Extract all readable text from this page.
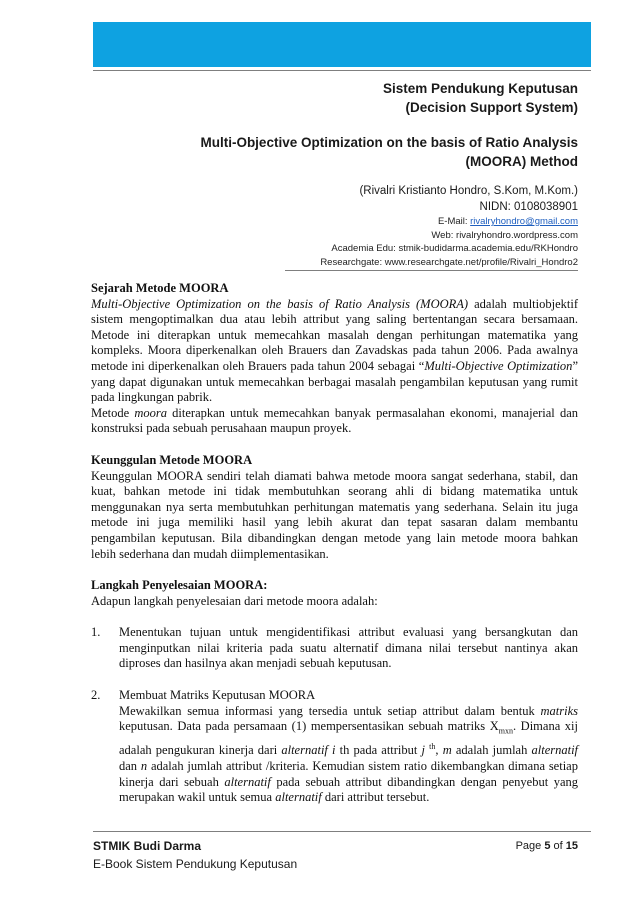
Sistem Pendukung Keputusan
(Decision Support System)
Multi-Objective Optimization on the basis of Ratio Analysis
(MOORA) Method
(Rivalri Kristianto Hondro, S.Kom, M.Kom.)
NIDN: 0108038901
E-Mail: rivalryhondro@gmail.com
Web: rivalryhondro.wordpress.com
Academia Edu: stmik-budidarma.academia.edu/RKHondro
Researchgate: www.researchgate.net/profile/Rivalri_Hondro2

Sejarah Metode MOORA

Multi-Objective Optimization on the basis of Ratio Analysis (MOORA) adalah multiobjektif sistem mengoptimalkan dua atau lebih attribut yang saling bertentangan secara bersamaan. Metode ini diterapkan untuk memecahkan masalah dengan perhitungan matematika yang kompleks. Moora diperkenalkan oleh Brauers dan Zavadskas pada tahun 2006. Pada awalnya metode ini diperkenalkan oleh Brauers pada tahun 2004 sebagai “Multi-Objective Optimization” yang dapat digunakan untuk memecahkan berbagai masalah pengambilan keputusan yang rumit pada lingkungan pabrik.

Metode moora diterapkan untuk memecahkan banyak permasalahan ekonomi, manajerial dan konstruksi pada sebuah perusahaan maupun proyek.

Keunggulan Metode MOORA

Keunggulan MOORA sendiri telah diamati bahwa metode moora sangat sederhana, stabil, dan kuat, bahkan metode ini tidak membutuhkan seorang ahli di bidang matematika untuk menggunakan nya serta membutuhkan perhitungan matematis yang sederhana. Selain itu juga metode ini juga memiliki hasil yang lebih akurat dan tepat sasaran dalam membantu pengambilan keputusan. Bila dibandingkan dengan metode yang lain metode moora bahkan lebih sederhana dan mudah diimplementasikan.

Langkah Penyelesaian MOORA:

Adapun langkah penyelesaian dari metode moora adalah:

1. Menentukan tujuan untuk mengidentifikasi attribut evaluasi yang bersangkutan dan menginputkan nilai kriteria pada suatu alternatif dimana nilai tersebut nantinya akan diproses dan hasilnya akan menjadi sebuah keputusan.

2. Membuat Matriks Keputusan MOORA

Mewakilkan semua informasi yang tersedia untuk setiap attribut dalam bentuk matriks keputusan. Data pada persamaan (1) mempersentasikan sebuah matriks $X_{mxn}$. Dimana xij adalah pengukuran kinerja dari alternatif i th pada attribut j $^{th}$, m adalah jumlah alternatif dan n adalah jumlah attribut /kriteria. Kemudian sistem ratio dikembangkan dimana setiap kinerja dari sebuah alternatif pada sebuah attribut dibandingkan dengan penyebut yang merupakan wakil untuk semua alternatif dari attribut tersebut.

STMIK Budi Darma
E-Book Sistem Pendukung Keputusan
Page 5 of 15
